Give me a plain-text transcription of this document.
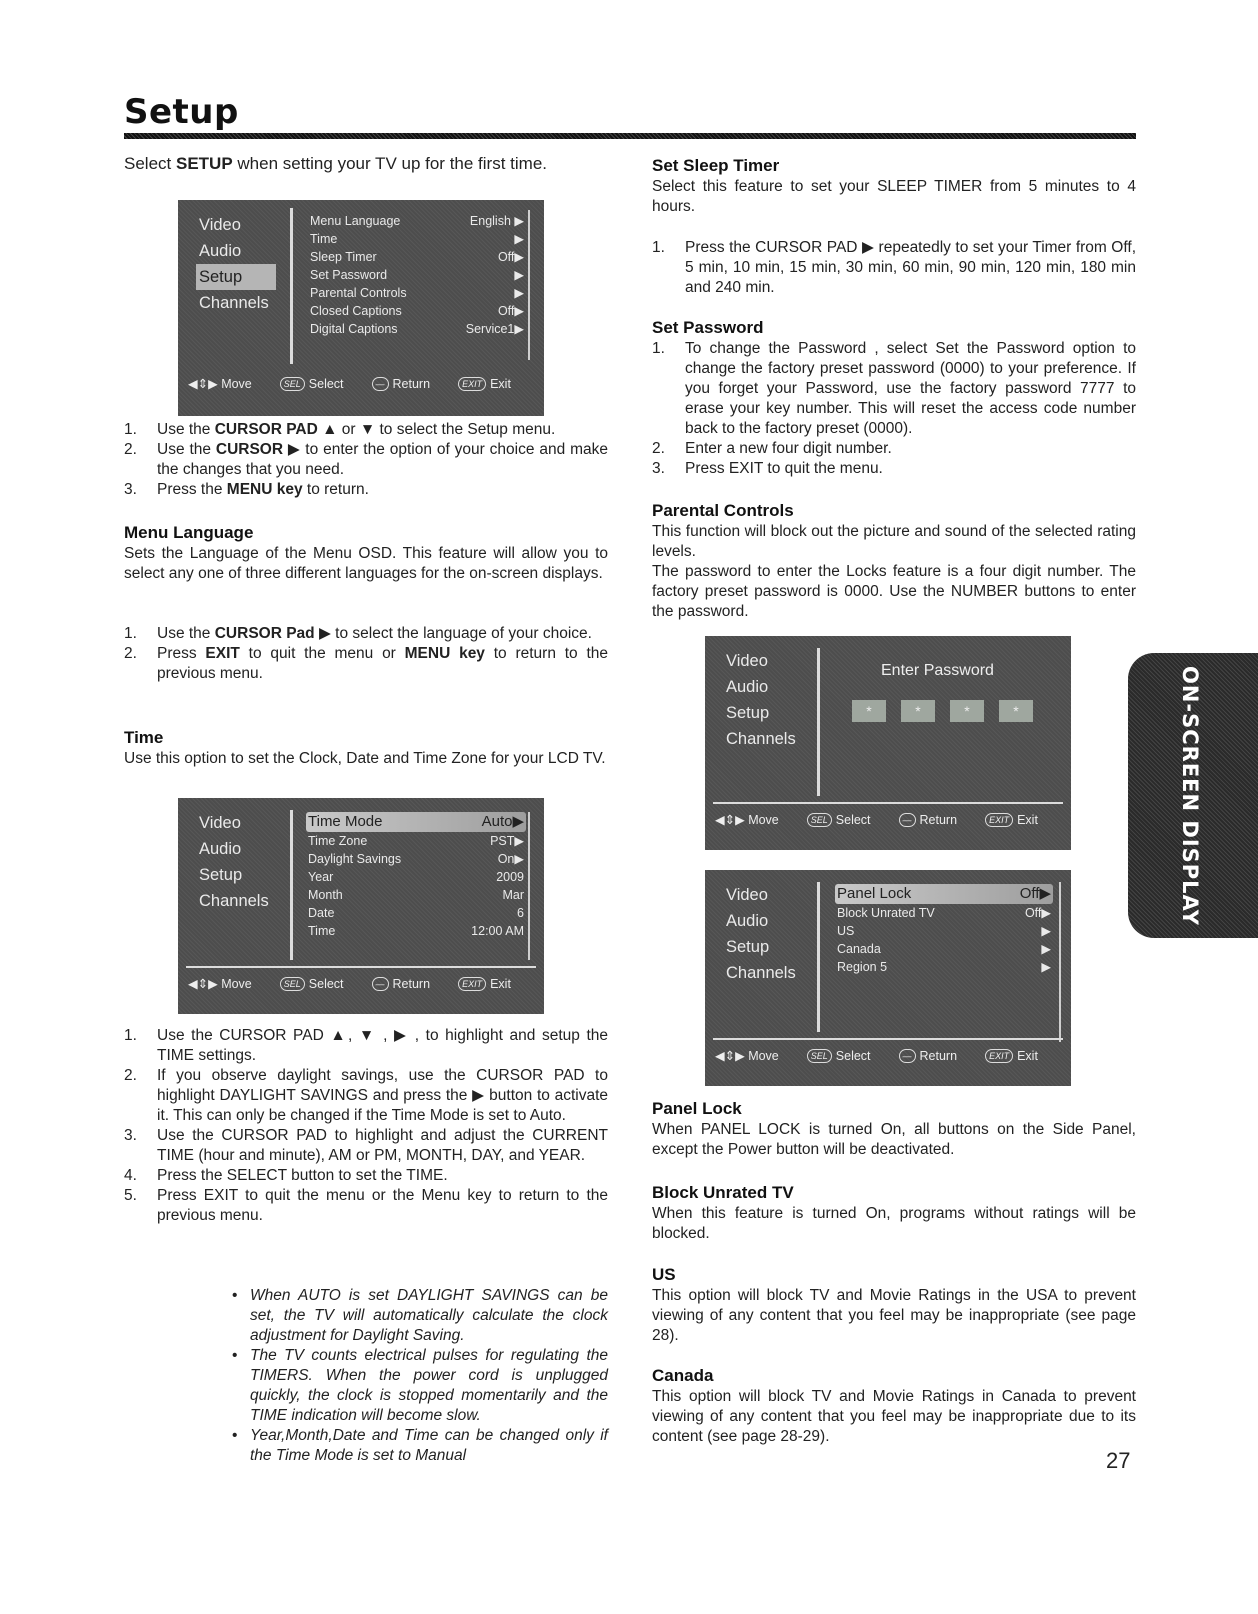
Setup

Select SETUP when setting your TV up for the first time.

Video
Audio
Setup
Channels
Menu Language	English ▶
Time	▶
Sleep Timer	Off▶
Set Password	▶
Parental Controls	▶
Closed Captions	Off▶
Digital Captions	Service1▶
◀⇕▶ Move	SEL Select	— Return	EXIT Exit
1. Use the CURSOR PAD ▲ or ▼ to select the Setup menu.
2. Use the CURSOR ▶ to enter the option of your choice and make the changes that you need.
3. Press the MENU key to return.
Menu Language

Sets the Language of the Menu OSD. This feature will allow you to select any one of three different languages for the on-screen displays.

1. Use the CURSOR Pad ▶ to select the language of your choice.
2. Press EXIT to quit the menu or MENU key to return to the previous menu.
Time

Use this option to set the Clock, Date and Time Zone for your LCD TV.

Video
Audio
Setup
Channels
Time Mode	Auto▶
Time Zone	PST▶
Daylight Savings	On▶
Year	2009
Month	Mar
Date	6
Time	12:00 AM
◀⇕▶ Move	SEL Select	— Return	EXIT Exit
1. Use the CURSOR PAD ▲, ▼ , ▶ , to highlight and setup the TIME settings.
2. If you observe daylight savings, use the CURSOR PAD to highlight DAYLIGHT SAVINGS and press the ▶ button to activate it. This can only be changed if the Time Mode is set to Auto.
3. Use the CURSOR PAD to highlight and adjust the CURRENT TIME (hour and minute), AM or PM, MONTH, DAY, and YEAR.
4. Press the SELECT button to set the TIME.
5. Press EXIT to quit the menu or the Menu key to return to the previous menu.
• When AUTO is set DAYLIGHT SAVINGS can be set, the TV will automatically calculate the clock adjustment for Daylight Saving.
• The TV counts electrical pulses for regulating the TIMERS. When the power cord is unplugged quickly, the clock is stopped momentarily and the TIME indication will become slow.
• Year,Month,Date and Time can be changed only if the Time Mode is set to Manual
Set Sleep Timer

Select this feature to set your SLEEP TIMER from 5 minutes to 4 hours.

1. Press the CURSOR PAD ▶ repeatedly to set your Timer from Off, 5 min, 10 min, 15 min, 30 min, 60 min, 90 min, 120 min, 180 min and 240 min.
Set Password
1. To change the Password , select Set the Password option to change the factory preset password (0000) to your preference. If you forget your Password, use the factory password 7777 to erase your key number. This will reset the access code number back to the factory preset (0000).
2. Enter a new four digit number.
3. Press EXIT to quit the menu.
Parental Controls

This function will block out the picture and sound of the selected rating levels.

The password to enter the Locks feature is a four digit number. The factory preset password is 0000. Use the NUMBER buttons to enter the password.

Video
Audio
Setup
Channels
Enter Password
*	*	*	*
◀⇕▶ Move	SEL Select	— Return	EXIT Exit
Video
Audio
Setup
Channels
Panel Lock	Off▶
Block Unrated TV	Off▶
US	▶
Canada	▶
Region 5	▶
◀⇕▶ Move	SEL Select	— Return	EXIT Exit
Panel Lock

When PANEL LOCK is turned On, all buttons on the Side Panel, except the Power button will be deactivated.

Block Unrated TV

When this feature is turned On, programs without ratings will be blocked.

US

This option will block TV and Movie Ratings in the USA to prevent viewing of any content that you feel may be inappropriate (see page 28).

Canada

This option will block TV and Movie Ratings in Canada to prevent viewing of any content that you feel may be inappropriate due to its content (see page 28-29).

ON-SCREEN DISPLAY
27
